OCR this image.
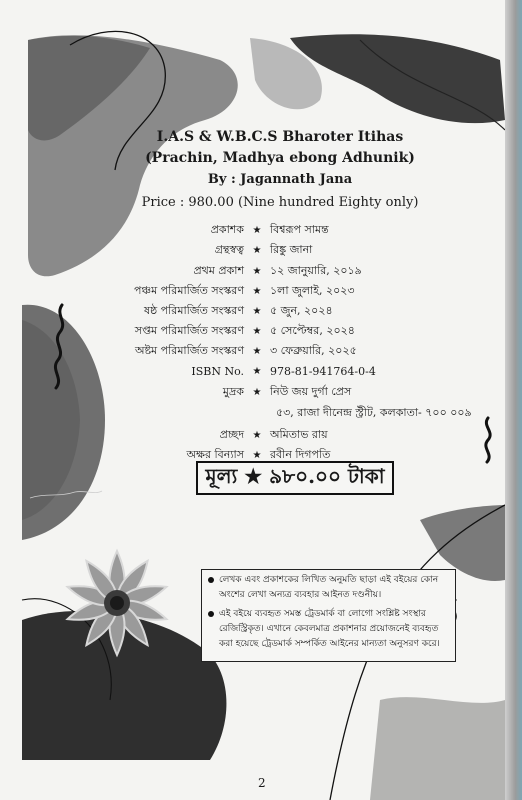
I.A.S & W.B.C.S Bharoter Itihas
(Prachin, Madhya ebong Adhunik)
By : Jagannath Jana
Price : 980.00 (Nine hundred Eighty only)
প্রকাশক ★ বিশ্বরূপ সামন্ত
গ্রন্থস্বত্ব ★ রিঙ্কু জানা
প্রথম প্রকাশ ★ ১২ জানুয়ারি, ২০১৯
পঞ্চম পরিমার্জিত সংস্করণ ★ ১লা জুলাই, ২০২৩
ষষ্ঠ পরিমার্জিত সংস্করণ ★ ৫ জুন, ২০২৪
সপ্তম পরিমার্জিত সংস্করণ ★ ৫ সেপ্টেম্বর, ২০২৪
অষ্টম পরিমার্জিত সংস্করণ ★ ৩ ফেব্রুয়ারি, ২০২৫
ISBN No. ★ 978-81-941764-0-4
মুদ্রক ★ নিউ জয় দুর্গা প্রেস
৫৩, রাজা দীনেন্দ্র স্ট্রীট, কলকাতা- ৭০০ ০০৯
প্রচ্ছদ ★ অমিতাভ রায়
অক্ষর বিন্যাস ★ রবীন দিগপতি
মূল্য ★ ৯৮০.০০ টাকা
লেখক এবং প্রকাশকের লিখিত অনুমতি ছাড়া এই বইয়ের কোন অংশের লেখা অন্যত্র ব্যবহার আইনত দণ্ডনীয়।
এই বইয়ে ব্যবহৃত সমস্ত ট্রেডমার্ক বা লোগো সংশ্লিষ্ট সংস্থার রেজিস্ট্রিকৃত। এখানে কেবলমাত্র প্রকাশনার প্রয়োজনেই ব্যবহৃত করা হয়েছে ট্রেডমার্ক সম্পর্কিত আইনের মান্যতা অনুসরণ করে।
2
